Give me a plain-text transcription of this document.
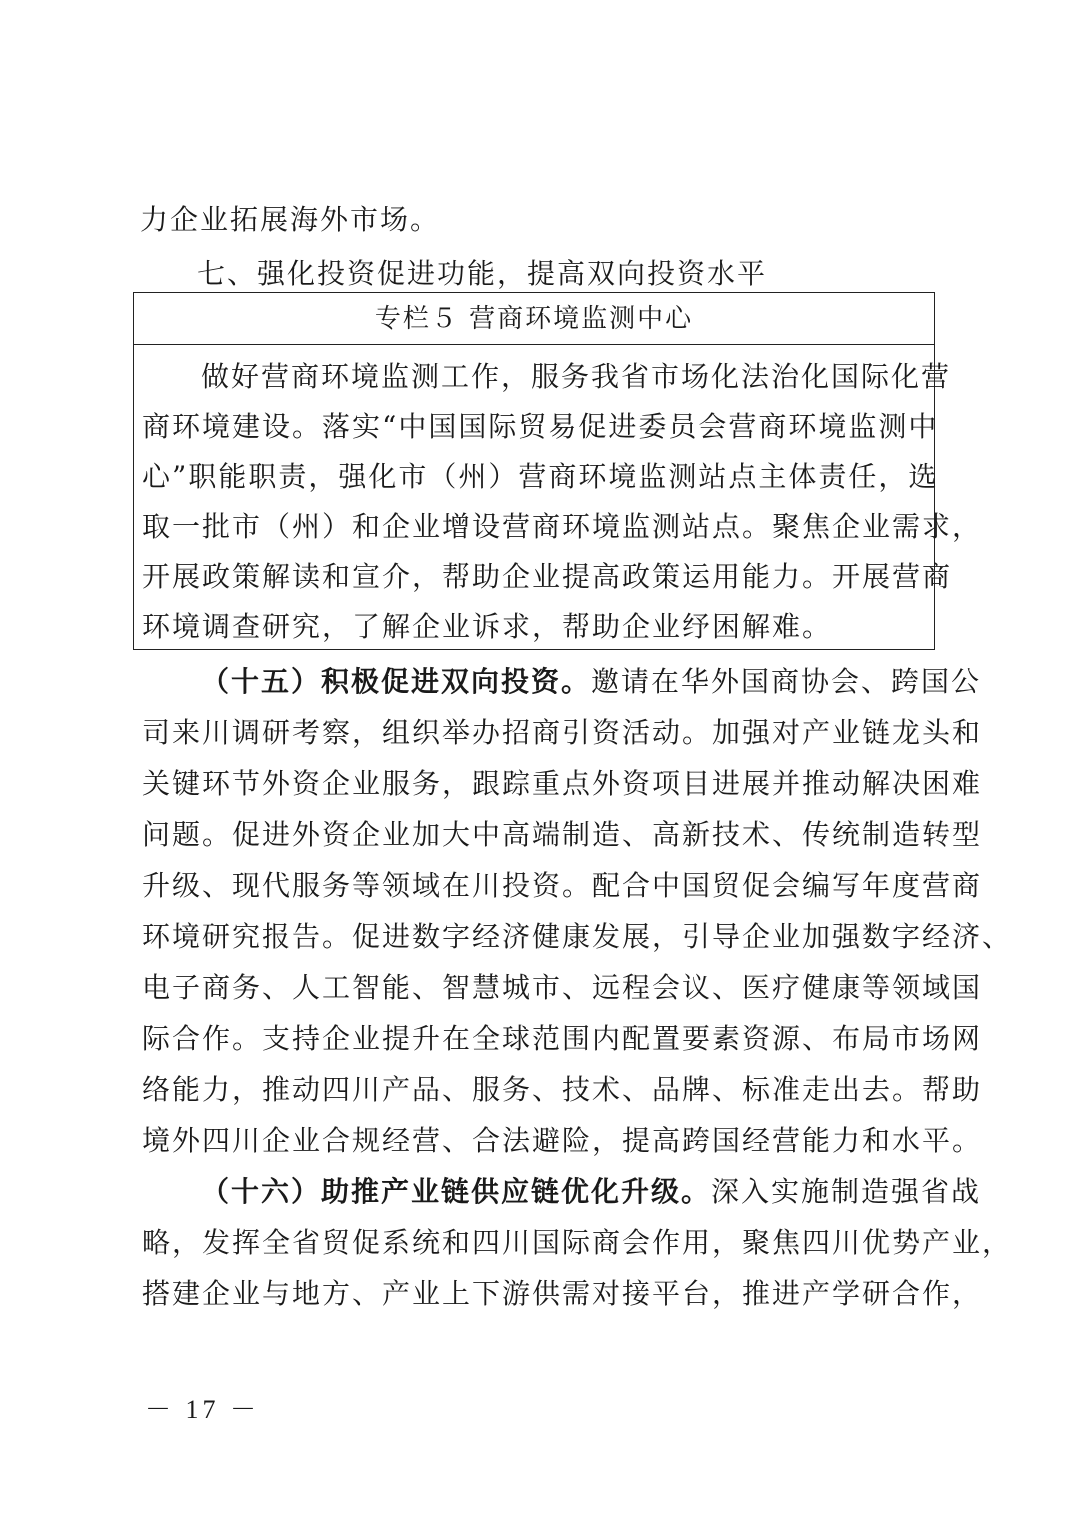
力企业拓展海外市场。
七、强化投资促进功能，提高双向投资水平
专栏５ 营商环境监测中心
做好营商环境监测工作，服务我省市场化法治化国际化营
商环境建设。落实“中国国际贸易促进委员会营商环境监测中
心”职能职责，强化市（州）营商环境监测站点主体责任，选
取一批市（州）和企业增设营商环境监测站点。聚焦企业需求，
开展政策解读和宣介，帮助企业提高政策运用能力。开展营商
环境调查研究，了解企业诉求，帮助企业纾困解难。
（十五）积极促进双向投资。邀请在华外国商协会、跨国公
司来川调研考察，组织举办招商引资活动。加强对产业链龙头和
关键环节外资企业服务，跟踪重点外资项目进展并推动解决困难
问题。促进外资企业加大中高端制造、高新技术、传统制造转型
升级、现代服务等领域在川投资。配合中国贸促会编写年度营商
环境研究报告。促进数字经济健康发展，引导企业加强数字经济、
电子商务、人工智能、智慧城市、远程会议、医疗健康等领域国
际合作。支持企业提升在全球范围内配置要素资源、布局市场网
络能力，推动四川产品、服务、技术、品牌、标准走出去。帮助
境外四川企业合规经营、合法避险，提高跨国经营能力和水平。
（十六）助推产业链供应链优化升级。深入实施制造强省战
略，发挥全省贸促系统和四川国际商会作用，聚焦四川优势产业，
搭建企业与地方、产业上下游供需对接平台，推进产学研合作，
－ 17 －
